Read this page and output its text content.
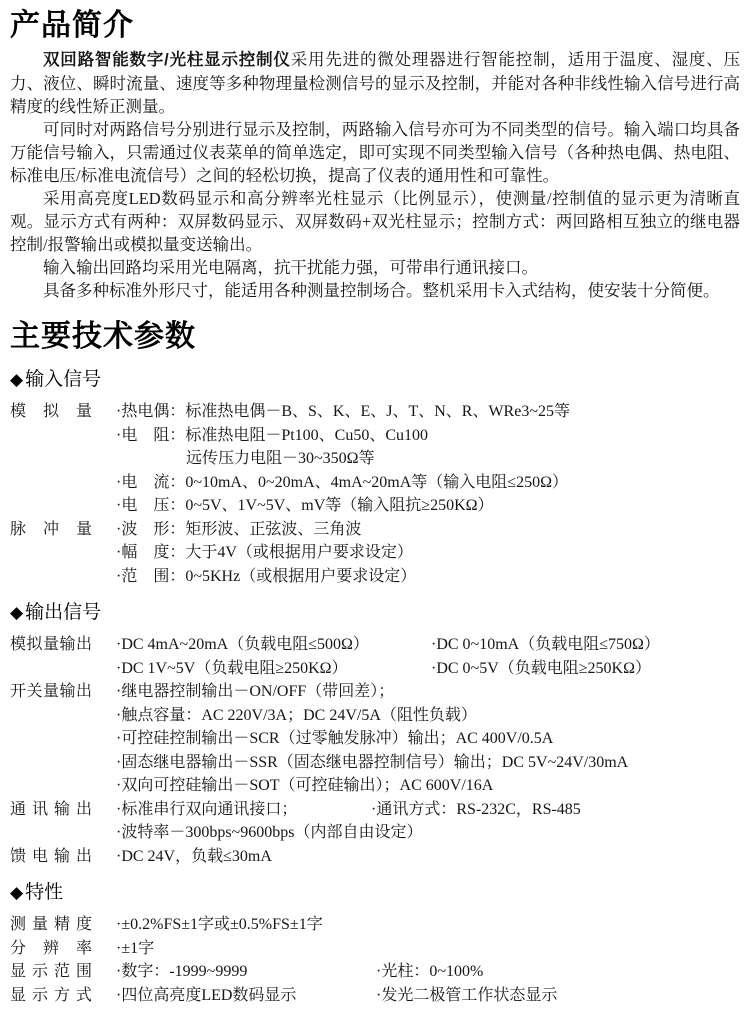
产品简介

双回路智能数字/光柱显示控制仪采用先进的微处理器进行智能控制，适用于温度、湿度、压力、液位、瞬时流量、速度等多种物理量检测信号的显示及控制，并能对各种非线性输入信号进行高精度的线性矫正测量。

可同时对两路信号分别进行显示及控制，两路输入信号亦可为不同类型的信号。输入端口均具备万能信号输入，只需通过仪表菜单的简单选定，即可实现不同类型输入信号（各种热电偶、热电阻、标准电压/标准电流信号）之间的轻松切换，提高了仪表的通用性和可靠性。

采用高亮度LED数码显示和高分辨率光柱显示（比例显示），使测量/控制值的显示更为清晰直观。显示方式有两种：双屏数码显示、双屏数码+双光柱显示；控制方式：两回路相互独立的继电器控制/报警输出或模拟量变送输出。

输入输出回路均采用光电隔离，抗干扰能力强，可带串行通讯接口。

具备多种标准外形尺寸，能适用各种测量控制场合。整机采用卡入式结构，使安装十分简便。

主要技术参数
◆ 输入信号
模拟量 ·热电偶：标准热电偶－B、S、K、E、J、T、N、R、WRe3~25等
·电　阻：标准热电阻－Pt100、Cu50、Cu100
远传压力电阻－30~350Ω等
·电　流：0~10mA、0~20mA、4mA~20mA等（输入电阻≤250Ω）
·电　压：0~5V、1V~5V、mV等（输入阻抗≥250KΩ）
脉冲量 ·波　形：矩形波、正弦波、三角波
·幅　度：大于4V（或根据用户要求设定）
·范　围：0~5KHz（或根据用户要求设定）
◆ 输出信号
模拟量输出 ·DC 4mA~20mA（负载电阻≤500Ω）	·DC 0~10mA（负载电阻≤750Ω）
·DC 1V~5V（负载电阻≥250KΩ）	·DC 0~5V（负载电阻≥250KΩ）
开关量输出 ·继电器控制输出－ON/OFF（带回差）；
·触点容量：AC 220V/3A；DC 24V/5A（阻性负载）
·可控硅控制输出－SCR（过零触发脉冲）输出；AC 400V/0.5A
·固态继电器输出－SSR（固态继电器控制信号）输出；DC 5V~24V/30mA
·双向可控硅输出－SOT（可控硅输出）；AC 600V/16A
通讯输出 ·标准串行双向通讯接口；	·通讯方式：RS-232C，RS-485
·波特率－300bps~9600bps（内部自由设定）
馈电输出 ·DC 24V，负载≤30mA
◆ 特性
测量精度 ·±0.2%FS±1字或±0.5%FS±1字
分辨率 ·±1字
显示范围 ·数字：-1999~9999	·光柱：0~100%
显示方式 ·四位高亮度LED数码显示	·发光二极管工作状态显示
